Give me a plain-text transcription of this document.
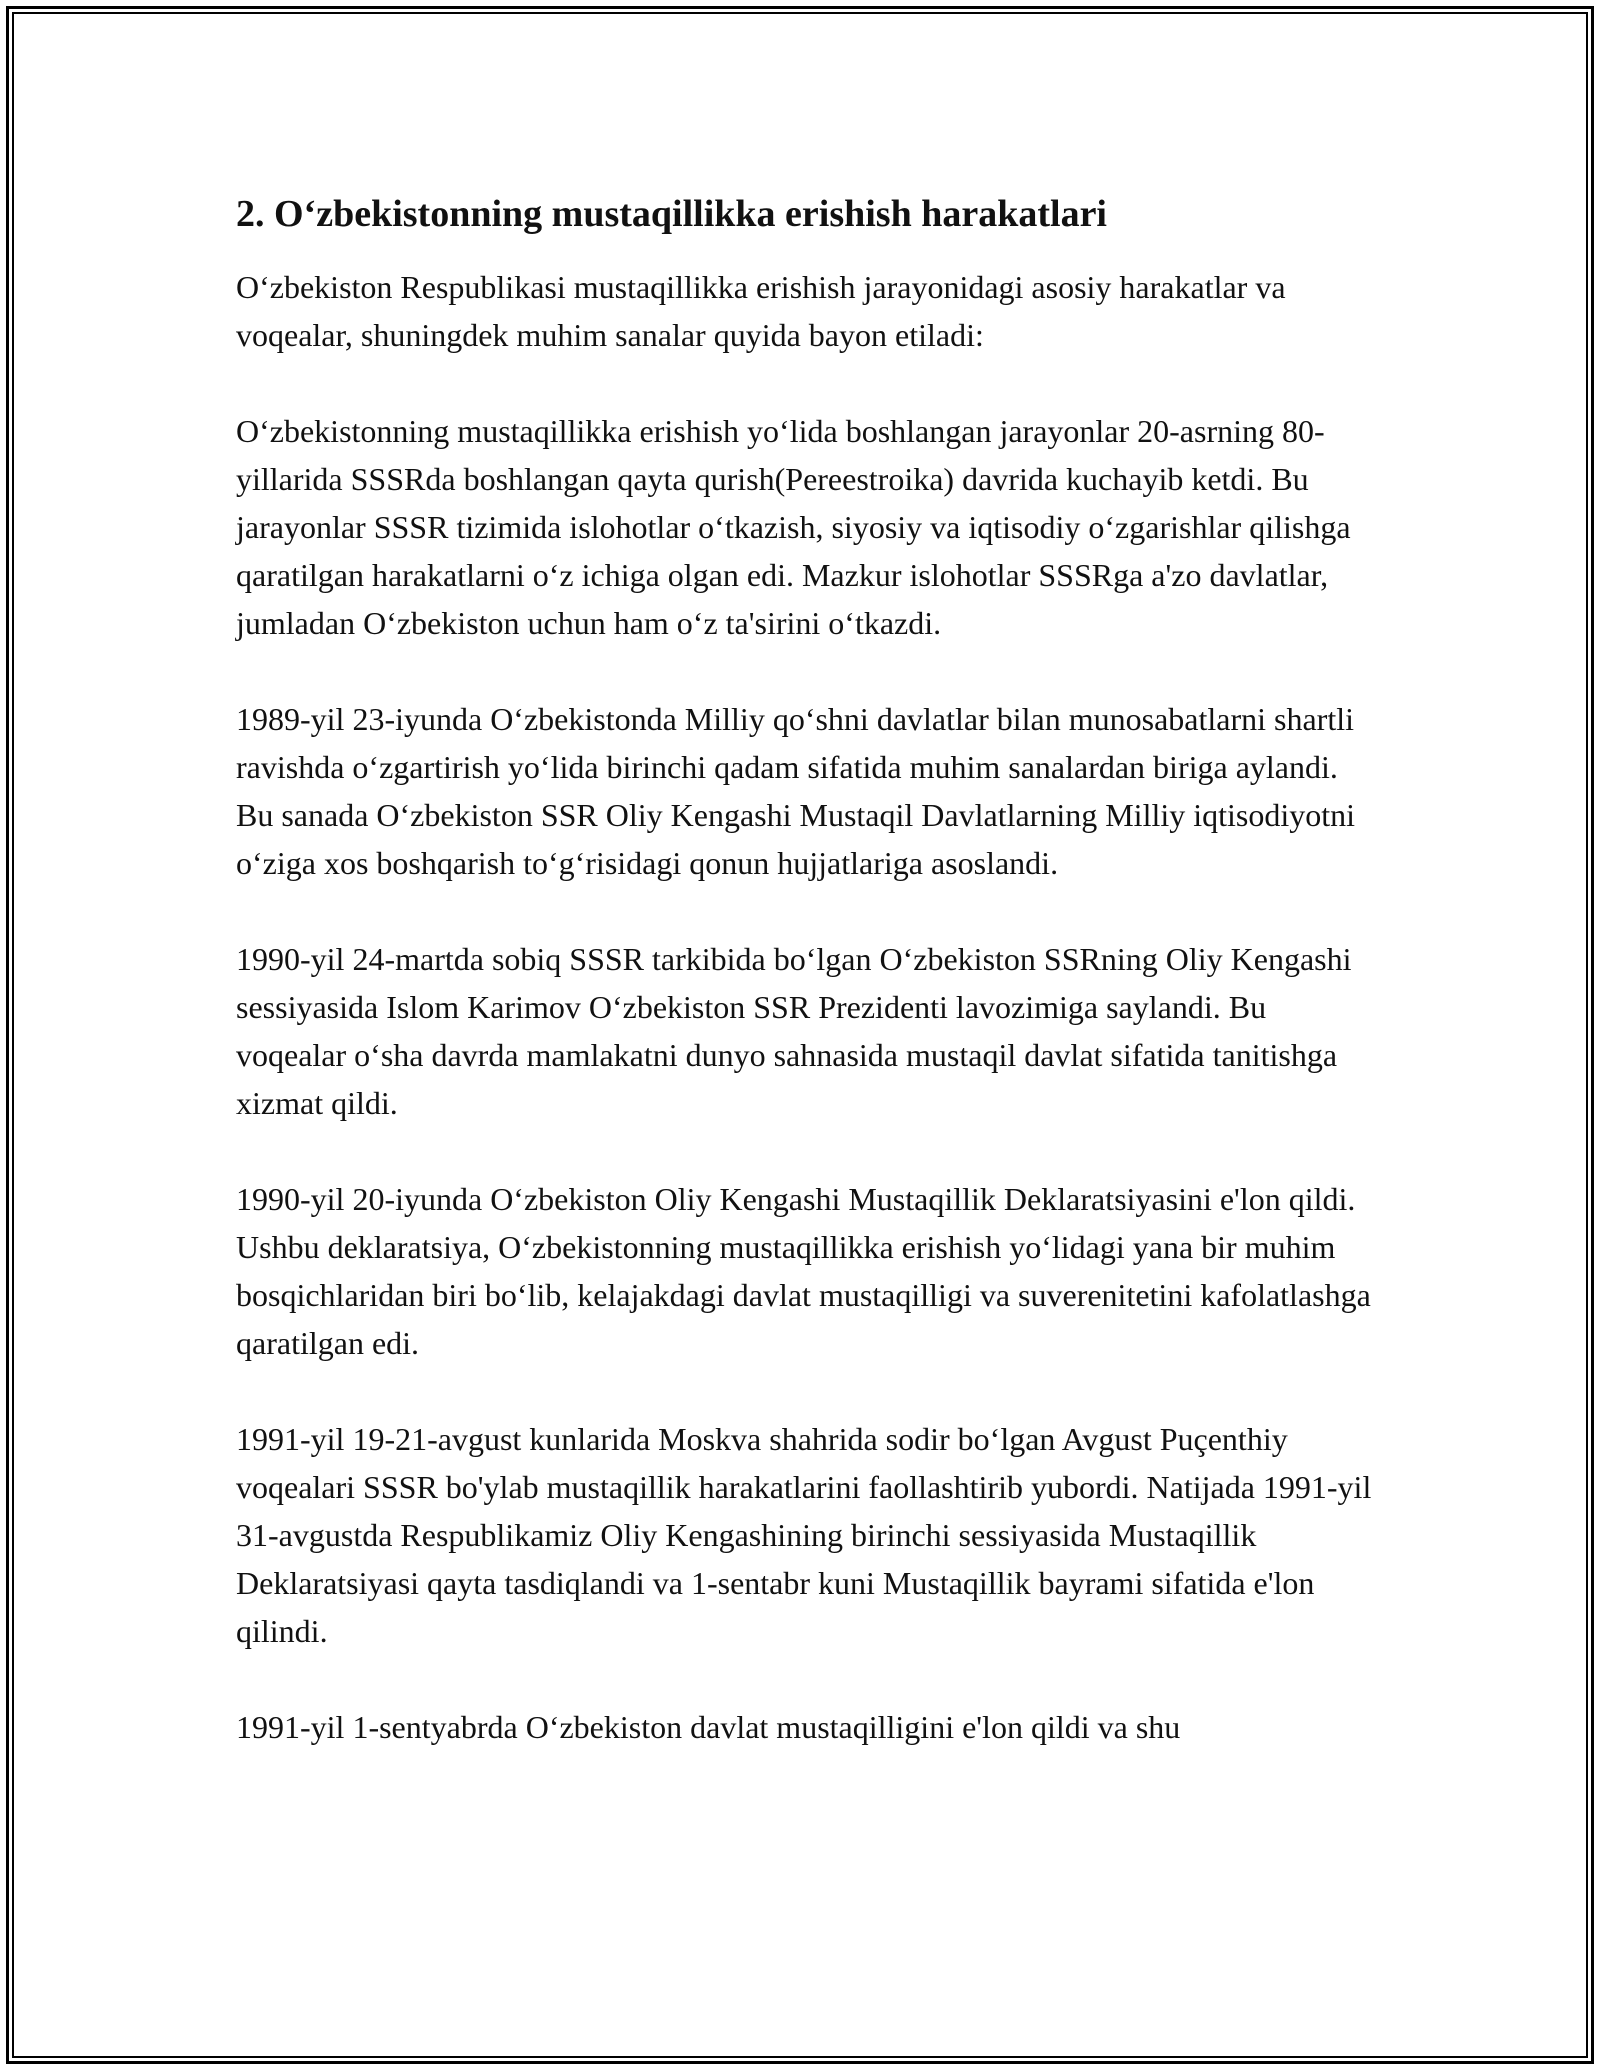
2. O‘zbekistonning mustaqillikka erishish harakatlari

O‘zbekiston Respublikasi mustaqillikka erishish jarayonidagi asosiy harakatlar va voqealar, shuningdek muhim sanalar quyida bayon etiladi:

O‘zbekistonning mustaqillikka erishish yo‘lida boshlangan jarayonlar 20-asrning 80-yillarida SSSRda boshlangan qayta qurish(Pereestroika) davrida kuchayib ketdi. Bu jarayonlar SSSR tizimida islohotlar o‘tkazish, siyosiy va iqtisodiy o‘zgarishlar qilishga qaratilgan harakatlarni o‘z ichiga olgan edi. Mazkur islohotlar SSSRga a'zo davlatlar, jumladan O‘zbekiston uchun ham o‘z ta'sirini o‘tkazdi.

1989-yil 23-iyunda O‘zbekistonda Milliy qo‘shni davlatlar bilan munosabatlarni shartli ravishda o‘zgartirish yo‘lida birinchi qadam sifatida muhim sanalardan biriga aylandi. Bu sanada O‘zbekiston SSR Oliy Kengashi Mustaqil Davlatlarning Milliy iqtisodiyotni o‘ziga xos boshqarish to‘g‘risidagi qonun hujjatlariga asoslandi.

1990-yil 24-martda sobiq SSSR tarkibida bo‘lgan O‘zbekiston SSRning Oliy Kengashi sessiyasida Islom Karimov O‘zbekiston SSR Prezidenti lavozimiga saylandi. Bu voqealar o‘sha davrda mamlakatni dunyo sahnasida mustaqil davlat sifatida tanitishga xizmat qildi.

1990-yil 20-iyunda O‘zbekiston Oliy Kengashi Mustaqillik Deklaratsiyasini e'lon qildi. Ushbu deklaratsiya, O‘zbekistonning mustaqillikka erishish yo‘lidagi yana bir muhim bosqichlaridan biri bo‘lib, kelajakdagi davlat mustaqilligi va suverenitetini kafolatlashga qaratilgan edi.

1991-yil 19-21-avgust kunlarida Moskva shahrida sodir bo‘lgan Avgust Puçenthiy voqealari SSSR bo'ylab mustaqillik harakatlarini faollashtirib yubordi. Natijada 1991-yil 31-avgustda Respublikamiz Oliy Kengashining birinchi sessiyasida Mustaqillik Deklaratsiyasi qayta tasdiqlandi va 1-sentabr kuni Mustaqillik bayrami sifatida e'lon qilindi.

1991-yil 1-sentyabrda O‘zbekiston davlat mustaqilligini e'lon qildi va shu
